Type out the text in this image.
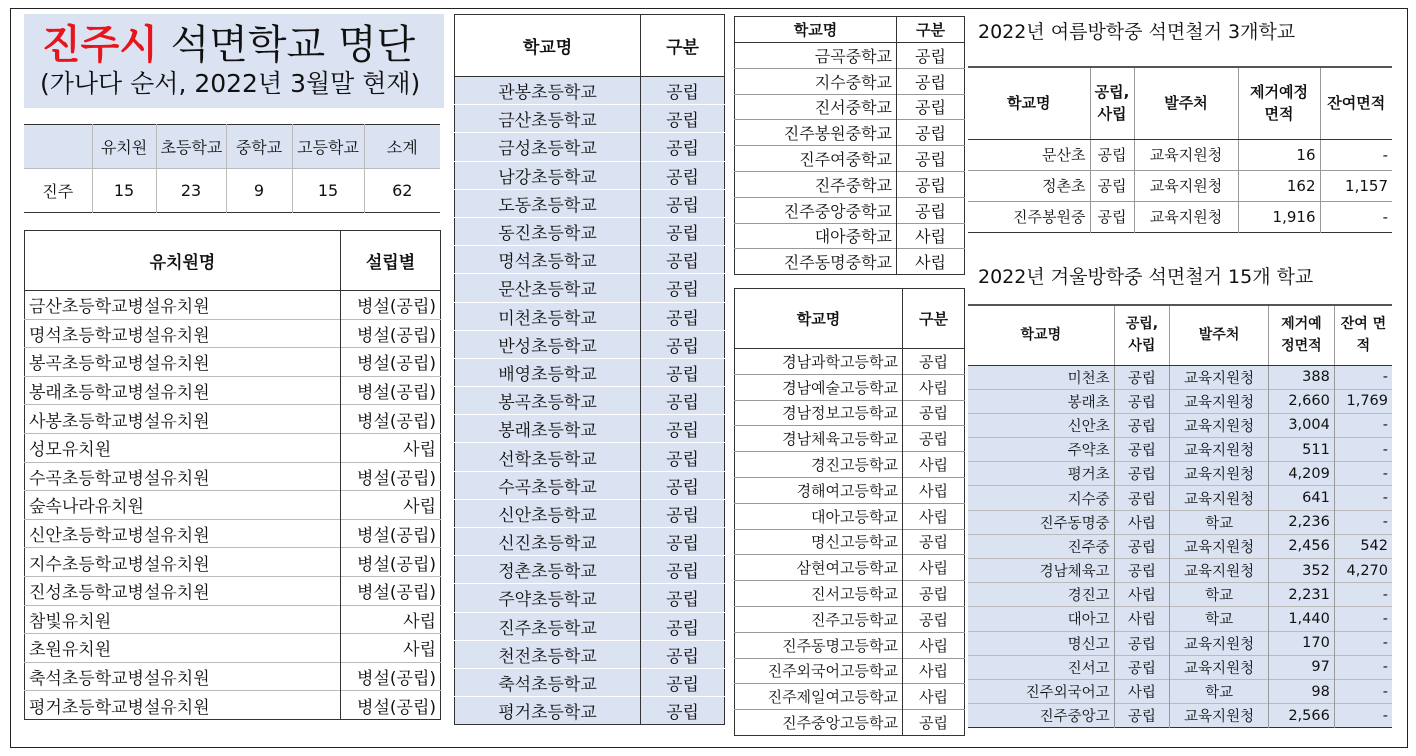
진주시 석면학교 명단
(가나다 순서, 2022년 3월말 현재)
	유치원	초등학교	중학교	고등학교	소계
진주	15	23	9	15	62
유치원명	설립별
금산초등학교병설유치원	병설(공립)
명석초등학교병설유치원	병설(공립)
봉곡초등학교병설유치원	병설(공립)
봉래초등학교병설유치원	병설(공립)
사봉초등학교병설유치원	병설(공립)
성모유치원	사립
수곡초등학교병설유치원	병설(공립)
숲속나라유치원	사립
신안초등학교병설유치원	병설(공립)
지수초등학교병설유치원	병설(공립)
진성초등학교병설유치원	병설(공립)
참빛유치원	사립
초원유치원	사립
축석초등학교병설유치원	병설(공립)
평거초등학교병설유치원	병설(공립)
학교명	구분
관봉초등학교	공립
금산초등학교	공립
금성초등학교	공립
남강초등학교	공립
도동초등학교	공립
동진초등학교	공립
명석초등학교	공립
문산초등학교	공립
미천초등학교	공립
반성초등학교	공립
배영초등학교	공립
봉곡초등학교	공립
봉래초등학교	공립
선학초등학교	공립
수곡초등학교	공립
신안초등학교	공립
신진초등학교	공립
정촌초등학교	공립
주약초등학교	공립
진주초등학교	공립
천전초등학교	공립
축석초등학교	공립
평거초등학교	공립
학교명	구분
금곡중학교	공립
지수중학교	공립
진서중학교	공립
진주봉원중학교	공립
진주여중학교	공립
진주중학교	공립
진주중앙중학교	공립
대아중학교	사립
진주동명중학교	사립
학교명	구분
경남과학고등학교	공립
경남예술고등학교	사립
경남정보고등학교	공립
경남체육고등학교	공립
경진고등학교	사립
경해여고등학교	사립
대아고등학교	사립
명신고등학교	공립
삼현여고등학교	사립
진서고등학교	공립
진주고등학교	공립
진주동명고등학교	사립
진주외국어고등학교	사립
진주제일여고등학교	사립
진주중앙고등학교	공립
2022년 여름방학중 석면철거 3개학교
학교명	공립, 사립	발주처	제거예정 면적	잔여면적
문산초	공립	교육지원청	16	-
정촌초	공립	교육지원청	162	1,157
진주봉원중	공립	교육지원청	1,916	-
2022년 겨울방학중 석면철거 15개 학교
학교명	공립, 사립	발주처	제거예 정면적	잔여 면적
미천초	공립	교육지원청	388	-
봉래초	공립	교육지원청	2,660	1,769
신안초	공립	교육지원청	3,004	-
주약초	공립	교육지원청	511	-
평거초	공립	교육지원청	4,209	-
지수중	공립	교육지원청	641	-
진주동명중	사립	학교	2,236	-
진주중	공립	교육지원청	2,456	542
경남체육고	공립	교육지원청	352	4,270
경진고	사립	학교	2,231	-
대아고	사립	학교	1,440	-
명신고	공립	교육지원청	170	-
진서고	공립	교육지원청	97	-
진주외국어고	사립	학교	98	-
진주중앙고	공립	교육지원청	2,566	-
